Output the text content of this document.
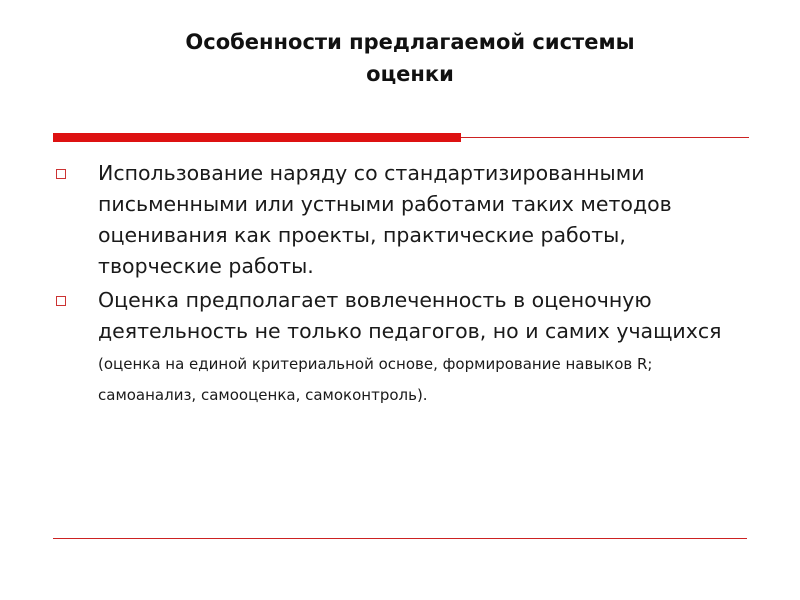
Особенности предлагаемой системы
оценки
Использование наряду со стандартизированными письменными или устными работами таких методов оценивания как проекты, практические работы, творческие работы.
Оценка предполагает вовлеченность в оценочную деятельность не только педагогов, но и самих учащихся (оценка на единой критериальной основе, формирование навыков R; самоанализ, самооценка, самоконтроль).
